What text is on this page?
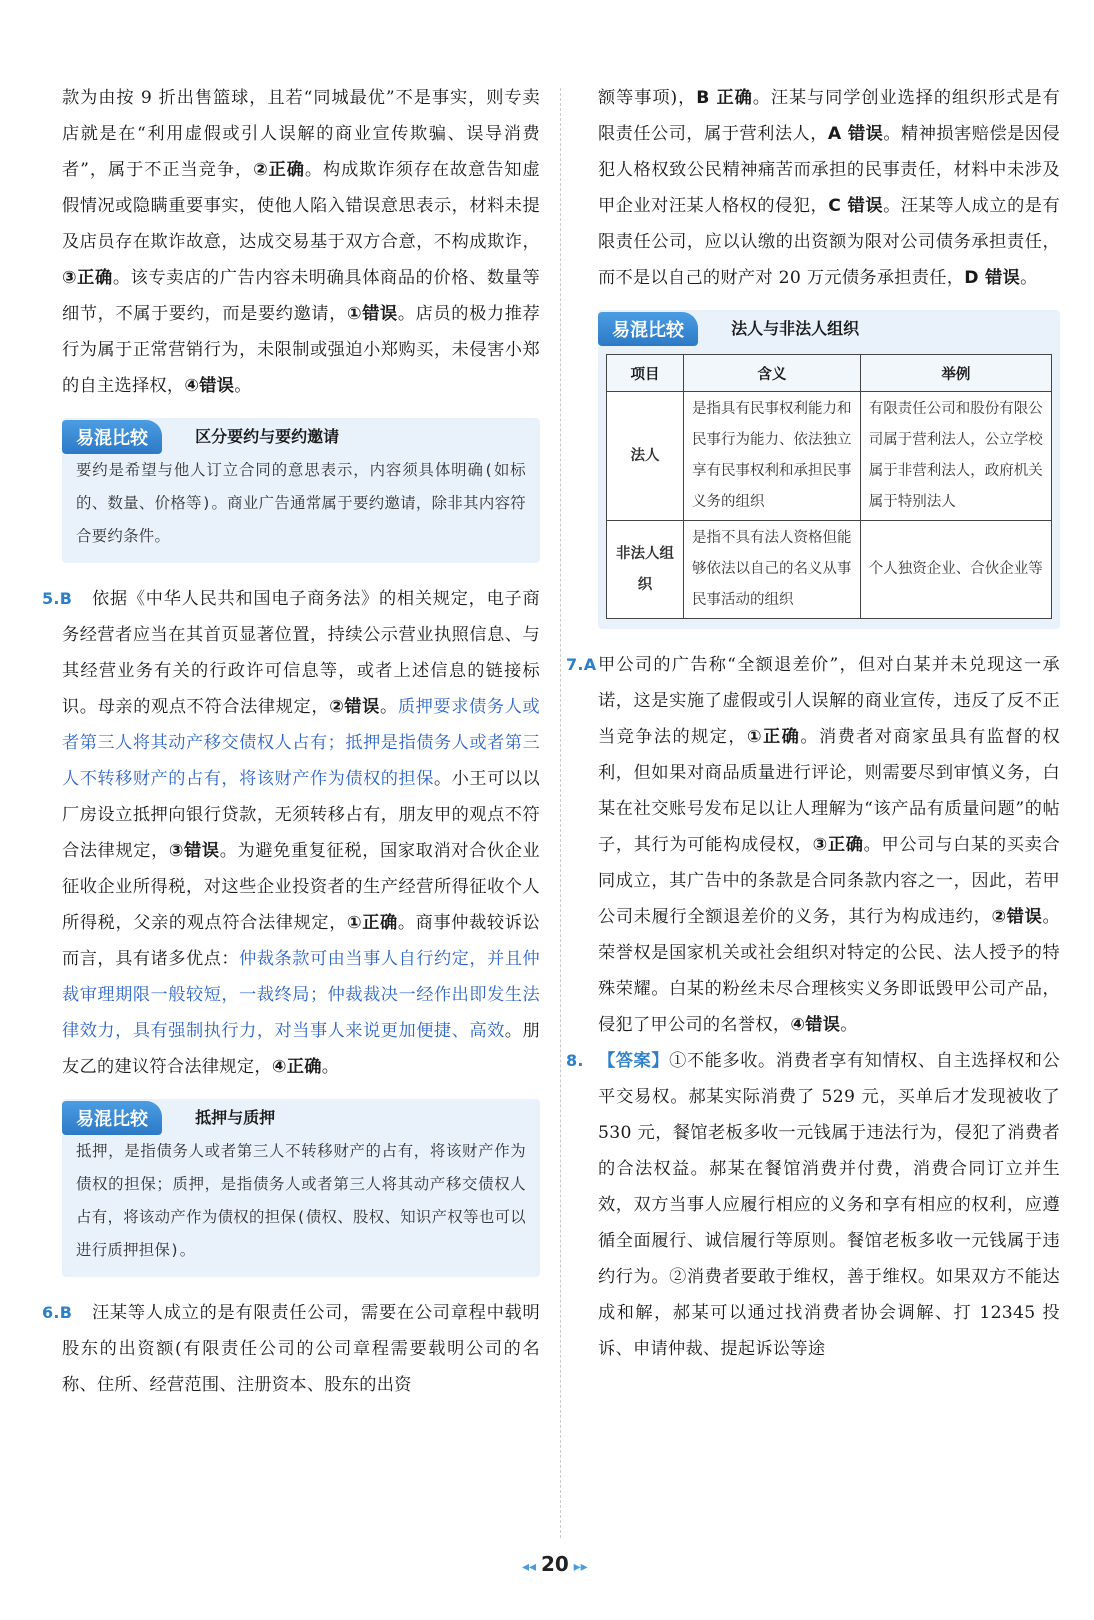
款为由按 9 折出售篮球，且若“同城最优”不是事实，则专卖店就是在“利用虚假或引人误解的商业宣传欺骗、误导消费者”，属于不正当竞争，②正确。构成欺诈须存在故意告知虚假情况或隐瞒重要事实，使他人陷入错误意思表示，材料未提及店员存在欺诈故意，达成交易基于双方合意，不构成欺诈，③正确。该专卖店的广告内容未明确具体商品的价格、数量等细节，不属于要约，而是要约邀请，①错误。店员的极力推荐行为属于正常营销行为，未限制或强迫小郑购买，未侵害小郑的自主选择权，④错误。

易混比较	区分要约与要约邀请

要约是希望与他人订立合同的意思表示，内容须具体明确(如标的、数量、价格等)。商业广告通常属于要约邀请，除非其内容符合要约条件。

5.B 依据《中华人民共和国电子商务法》的相关规定，电子商务经营者应当在其首页显著位置，持续公示营业执照信息、与其经营业务有关的行政许可信息等，或者上述信息的链接标识。母亲的观点不符合法律规定，②错误。质押要求债务人或者第三人将其动产移交债权人占有；抵押是指债务人或者第三人不转移财产的占有，将该财产作为债权的担保。小王可以以厂房设立抵押向银行贷款，无须转移占有，朋友甲的观点不符合法律规定，③错误。为避免重复征税，国家取消对合伙企业征收企业所得税，对这些企业投资者的生产经营所得征收个人所得税，父亲的观点符合法律规定，①正确。商事仲裁较诉讼而言，具有诸多优点：仲裁条款可由当事人自行约定，并且仲裁审理期限一般较短，一裁终局；仲裁裁决一经作出即发生法律效力，具有强制执行力，对当事人来说更加便捷、高效。朋友乙的建议符合法律规定，④正确。

易混比较	抵押与质押

抵押，是指债务人或者第三人不转移财产的占有，将该财产作为债权的担保；质押，是指债务人或者第三人将其动产移交债权人占有，将该动产作为债权的担保(债权、股权、知识产权等也可以进行质押担保)。

6.B 汪某等人成立的是有限责任公司，需要在公司章程中载明股东的出资额(有限责任公司的公司章程需要载明公司的名称、住所、经营范围、注册资本、股东的出资

额等事项)，B 正确。汪某与同学创业选择的组织形式是有限责任公司，属于营利法人，A 错误。精神损害赔偿是因侵犯人格权致公民精神痛苦而承担的民事责任，材料中未涉及甲企业对汪某人格权的侵犯，C 错误。汪某等人成立的是有限责任公司，应以认缴的出资额为限对公司债务承担责任，而不是以自己的财产对 20 万元债务承担责任，D 错误。

易混比较	法人与非法人组织
项目	含义	举例
法人	是指具有民事权利能力和民事行为能力、依法独立享有民事权利和承担民事义务的组织	有限责任公司和股份有限公司属于营利法人，公立学校属于非营利法人，政府机关属于特别法人
非法人组织	是指不具有法人资格但能够依法以自己的名义从事民事活动的组织	个人独资企业、合伙企业等

7.A 甲公司的广告称“全额退差价”，但对白某并未兑现这一承诺，这是实施了虚假或引人误解的商业宣传，违反了反不正当竞争法的规定，①正确。消费者对商家虽具有监督的权利，但如果对商品质量进行评论，则需要尽到审慎义务，白某在社交账号发布足以让人理解为“该产品有质量问题”的帖子，其行为可能构成侵权，③正确。甲公司与白某的买卖合同成立，其广告中的条款是合同条款内容之一，因此，若甲公司未履行全额退差价的义务，其行为构成违约，②错误。荣誉权是国家机关或社会组织对特定的公民、法人授予的特殊荣耀。白某的粉丝未尽合理核实义务即诋毁甲公司产品，侵犯了甲公司的名誉权，④错误。

8. 【答案】①不能多收。消费者享有知情权、自主选择权和公平交易权。郝某实际消费了 529 元，买单后才发现被收了 530 元，餐馆老板多收一元钱属于违法行为，侵犯了消费者的合法权益。郝某在餐馆消费并付费，消费合同订立并生效，双方当事人应履行相应的义务和享有相应的权利，应遵循全面履行、诚信履行等原则。餐馆老板多收一元钱属于违约行为。②消费者要敢于维权，善于维权。如果双方不能达成和解，郝某可以通过找消费者协会调解、打 12345 投诉、申请仲裁、提起诉讼等途

◂◂ 20 ▸▸
